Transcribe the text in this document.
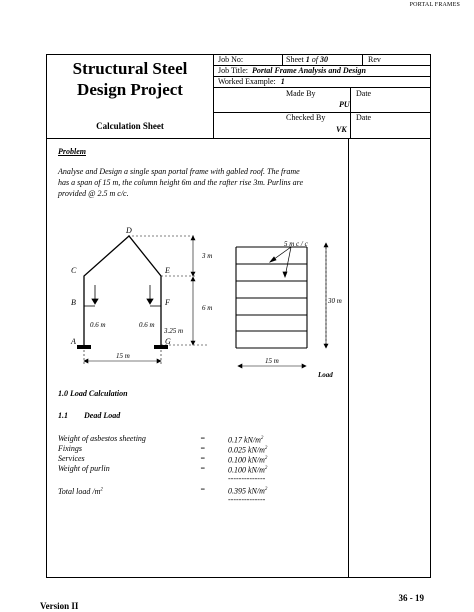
PORTAL FRAMES
Structural Steel
Design Project
Calculation Sheet
Job No:	Sheet 1 of 30	Rev
Job Title: Portal Frame Analysis and Design
Worked Example: 1
Made By
PU
Date
Checked By
VK
Date
Problem
Analyse and Design a single span portal frame with gabled roof. The frame
has a span of 15 m, the column height 6m and the rafter rise 3m. Purlins are
provided @ 2.5 m c/c.
D
C	E
B	F
A	G
3 m
6 m
15 m
0.6 m	0.6 m
3.25 m
5 m c / c
30 m
15 m
Load
1.0 Load Calculation
1.1 Dead Load
Weight of asbestos sheeting	=	0.17 $kN/m^2$
Fixings	=	0.025 $kN/m^2$
Services	=	0.100 $kN/m^2$
Weight of purlin	=	0.100 $kN/m^2$
--------------
Total load $/m^2$	=	0.395 $kN/m^2$
--------------
36 - 19
Version II
